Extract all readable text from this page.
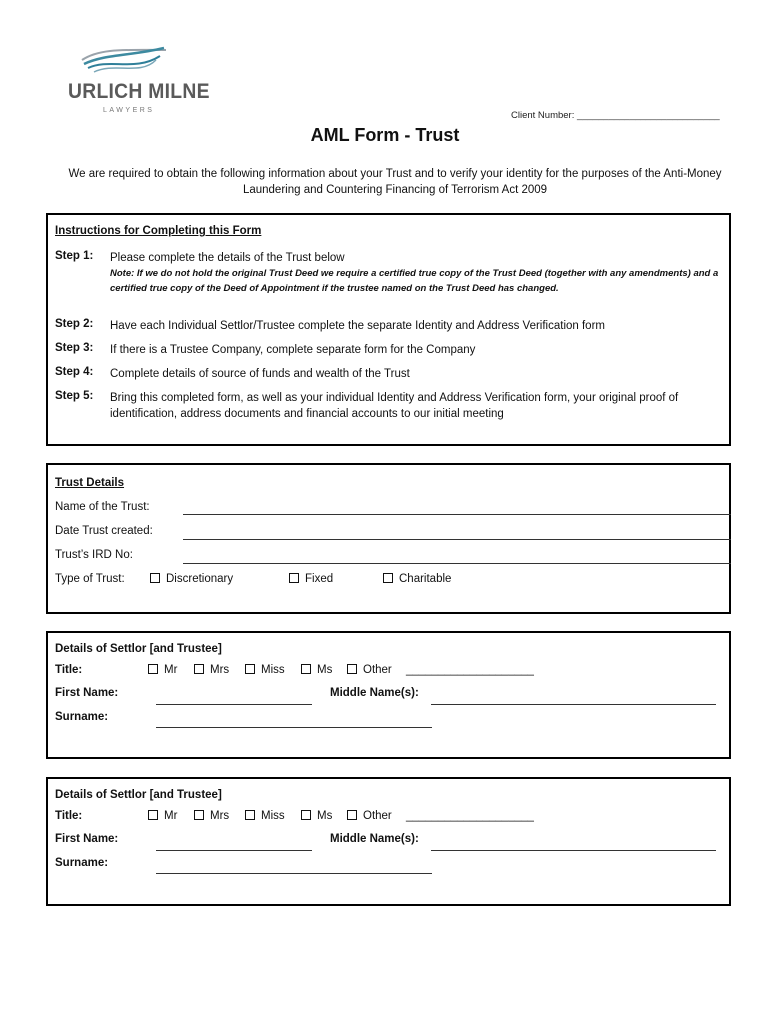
URLICH MILNE
LAWYERS	Client Number: ___________________________
AML Form - Trust
We are required to obtain the following information about your Trust and to verify your identity for the purposes of the Anti-Money Laundering and Countering Financing of Terrorism Act 2009
Instructions for Completing this Form
Step 1: Please complete the details of the Trust below
Note: If we do not hold the original Trust Deed we require a certified true copy of the Trust Deed (together with any amendments) and a certified true copy of the Deed of Appointment if the trustee named on the Trust Deed has changed.
Step 2: Have each Individual Settlor/Trustee complete the separate Identity and Address Verification form
Step 3: If there is a Trustee Company, complete separate form for the Company
Step 4: Complete details of source of funds and wealth of the Trust
Step 5: Bring this completed form, as well as your individual Identity and Address Verification form, your original proof of identification, address documents and financial accounts to our initial meeting
Trust Details
Name of the Trust:
Date Trust created:
Trust’s IRD No:
Type of Trust:	Discretionary	Fixed	Charitable
Details of Settlor [and Trustee]
Title:	Mr	Mrs	Miss	Ms	Other ____________________
First Name:	Middle Name(s):
Surname:
Details of Settlor [and Trustee]
Title:	Mr	Mrs	Miss	Ms	Other ____________________
First Name:	Middle Name(s):
Surname:
